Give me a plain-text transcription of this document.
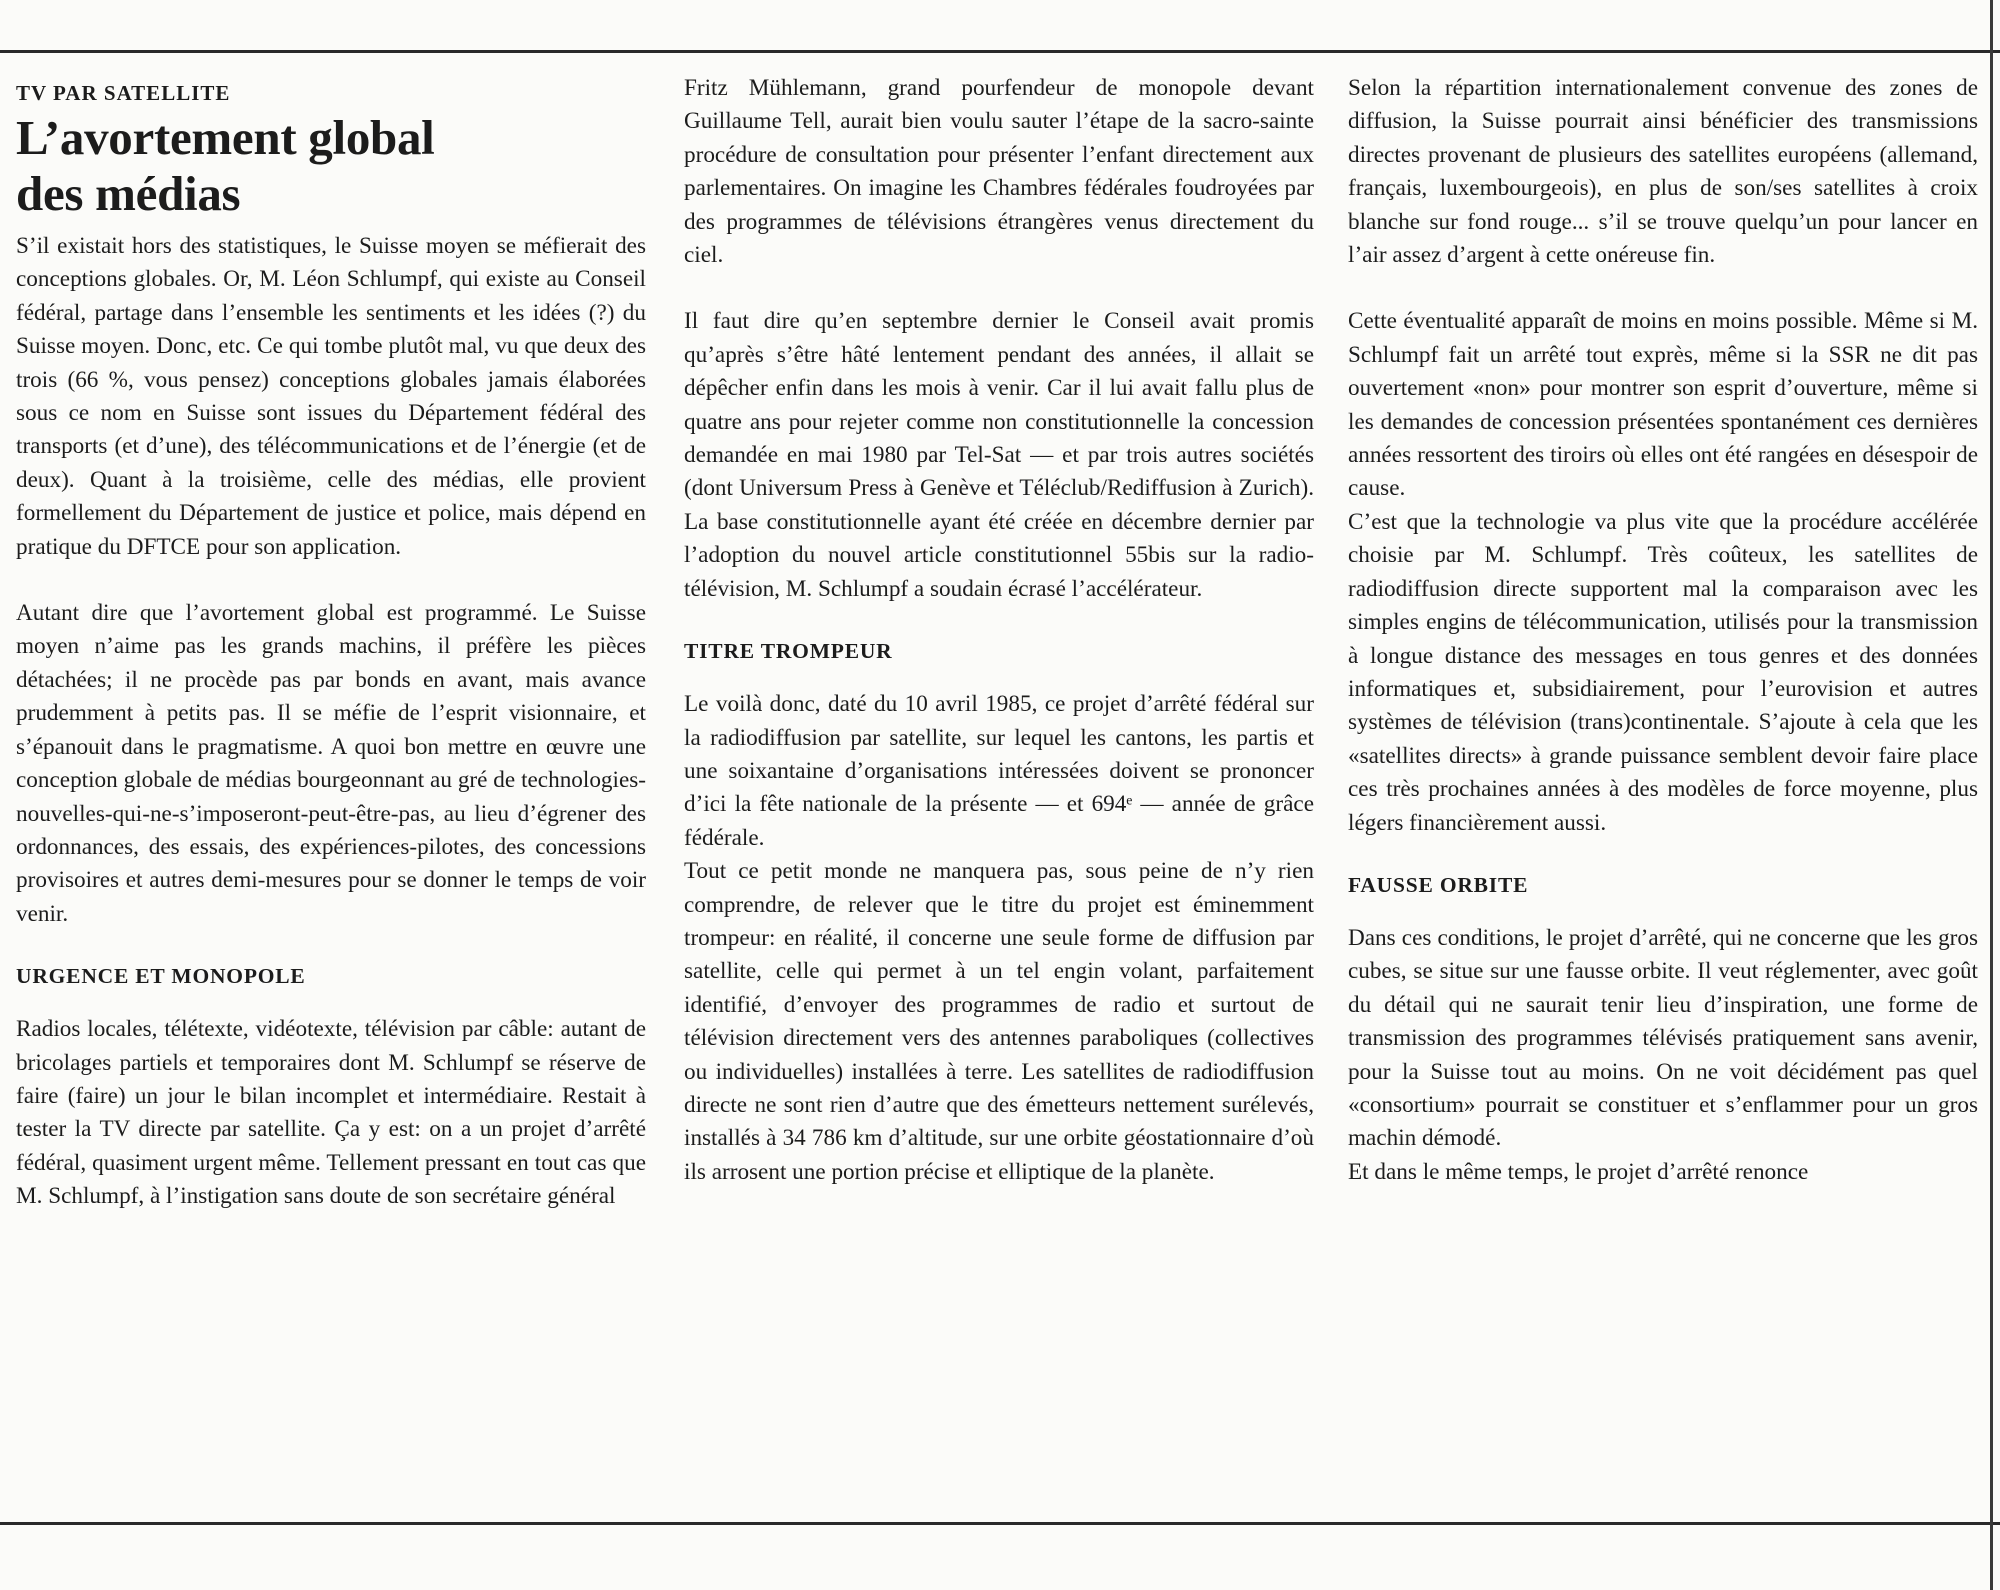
TV PAR SATELLITE
L’avortement global
des médias

S’il existait hors des statistiques, le Suisse moyen se méfierait des conceptions globales. Or, M. Léon Schlumpf, qui existe au Conseil fédéral, partage dans l’ensemble les sentiments et les idées (?) du Suisse moyen. Donc, etc. Ce qui tombe plutôt mal, vu que deux des trois (66 %, vous pensez) conceptions globales jamais élaborées sous ce nom en Suisse sont issues du Département fédéral des transports (et d’une), des télécommunications et de l’énergie (et de deux). Quant à la troisième, celle des médias, elle provient formellement du Département de justice et police, mais dépend en pratique du DFTCE pour son application.

Autant dire que l’avortement global est programmé. Le Suisse moyen n’aime pas les grands machins, il préfère les pièces détachées; il ne procède pas par bonds en avant, mais avance prudemment à petits pas. Il se méfie de l’esprit visionnaire, et s’épanouit dans le pragmatisme. A quoi bon mettre en œuvre une conception globale de médias bourgeonnant au gré de technologies-nouvelles-qui-ne-s’imposeront-peut-être-pas, au lieu d’égrener des ordonnances, des essais, des expériences-pilotes, des concessions provisoires et autres demi-mesures pour se donner le temps de voir venir.

URGENCE ET MONOPOLE

Radios locales, télétexte, vidéotexte, télévision par câble: autant de bricolages partiels et temporaires dont M. Schlumpf se réserve de faire (faire) un jour le bilan incomplet et intermédiaire. Restait à tester la TV directe par satellite. Ça y est: on a un projet d’arrêté fédéral, quasiment urgent même. Tellement pressant en tout cas que M. Schlumpf, à l’instigation sans doute de son secrétaire général

Fritz Mühlemann, grand pourfendeur de monopole devant Guillaume Tell, aurait bien voulu sauter l’étape de la sacro-sainte procédure de consultation pour présenter l’enfant directement aux parlementaires. On imagine les Chambres fédérales foudroyées par des programmes de télévisions étrangères venus directement du ciel.

Il faut dire qu’en septembre dernier le Conseil avait promis qu’après s’être hâté lentement pendant des années, il allait se dépêcher enfin dans les mois à venir. Car il lui avait fallu plus de quatre ans pour rejeter comme non constitutionnelle la concession demandée en mai 1980 par Tel-Sat — et par trois autres sociétés (dont Universum Press à Genève et Téléclub/Rediffusion à Zurich). La base constitutionnelle ayant été créée en décembre dernier par l’adoption du nouvel article constitutionnel 55bis sur la radio-télévision, M. Schlumpf a soudain écrasé l’accélérateur.

TITRE TROMPEUR

Le voilà donc, daté du 10 avril 1985, ce projet d’arrêté fédéral sur la radiodiffusion par satellite, sur lequel les cantons, les partis et une soixantaine d’organisations intéressées doivent se prononcer d’ici la fête nationale de la présente — et 694ᵉ — année de grâce fédérale.

Tout ce petit monde ne manquera pas, sous peine de n’y rien comprendre, de relever que le titre du projet est éminemment trompeur: en réalité, il concerne une seule forme de diffusion par satellite, celle qui permet à un tel engin volant, parfaitement identifié, d’envoyer des programmes de radio et surtout de télévision directement vers des antennes paraboliques (collectives ou individuelles) installées à terre. Les satellites de radiodiffusion directe ne sont rien d’autre que des émetteurs nettement surélevés, installés à 34 786 km d’altitude, sur une orbite géostationnaire d’où ils arrosent une portion précise et elliptique de la planète.

Selon la répartition internationalement convenue des zones de diffusion, la Suisse pourrait ainsi bénéficier des transmissions directes provenant de plusieurs des satellites européens (allemand, français, luxembourgeois), en plus de son/ses satellites à croix blanche sur fond rouge... s’il se trouve quelqu’un pour lancer en l’air assez d’argent à cette onéreuse fin.

Cette éventualité apparaît de moins en moins possible. Même si M. Schlumpf fait un arrêté tout exprès, même si la SSR ne dit pas ouvertement «non» pour montrer son esprit d’ouverture, même si les demandes de concession présentées spontanément ces dernières années ressortent des tiroirs où elles ont été rangées en désespoir de cause.

C’est que la technologie va plus vite que la procédure accélérée choisie par M. Schlumpf. Très coûteux, les satellites de radiodiffusion directe supportent mal la comparaison avec les simples engins de télécommunication, utilisés pour la transmission à longue distance des messages en tous genres et des données informatiques et, subsidiairement, pour l’eurovision et autres systèmes de télévision (trans)continentale. S’ajoute à cela que les «satellites directs» à grande puissance semblent devoir faire place ces très prochaines années à des modèles de force moyenne, plus légers financièrement aussi.

FAUSSE ORBITE

Dans ces conditions, le projet d’arrêté, qui ne concerne que les gros cubes, se situe sur une fausse orbite. Il veut réglementer, avec goût du détail qui ne saurait tenir lieu d’inspiration, une forme de transmission des programmes télévisés pratiquement sans avenir, pour la Suisse tout au moins. On ne voit décidément pas quel «consortium» pourrait se constituer et s’enflammer pour un gros machin démodé.

Et dans le même temps, le projet d’arrêté renonce
